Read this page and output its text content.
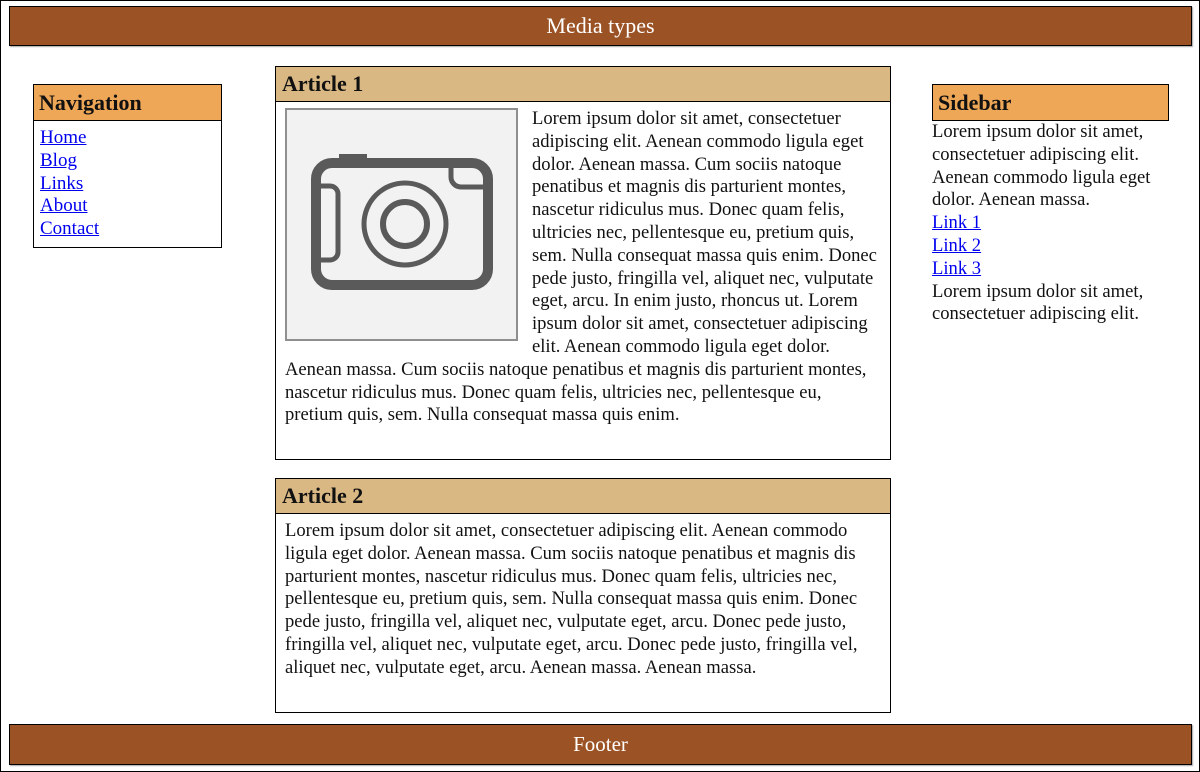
Media types
Navigation
Home
Blog
Links
About
Contact
Article 1
Lorem ipsum dolor sit amet, consectetuer adipiscing elit. Aenean commodo ligula eget dolor. Aenean massa. Cum sociis natoque penatibus et magnis dis parturient montes, nascetur ridiculus mus. Donec quam felis, ultricies nec, pellentesque eu, pretium quis, sem. Nulla consequat massa quis enim. Donec pede justo, fringilla vel, aliquet nec, vulputate eget, arcu. In enim justo, rhoncus ut. Lorem ipsum dolor sit amet, consectetuer adipiscing elit. Aenean commodo ligula eget dolor. Aenean massa. Cum sociis natoque penatibus et magnis dis parturient montes, nascetur ridiculus mus. Donec quam felis, ultricies nec, pellentesque eu, pretium quis, sem. Nulla consequat massa quis enim.
Article 2
Lorem ipsum dolor sit amet, consectetuer adipiscing elit. Aenean commodo ligula eget dolor. Aenean massa. Cum sociis natoque penatibus et magnis dis parturient montes, nascetur ridiculus mus. Donec quam felis, ultricies nec, pellentesque eu, pretium quis, sem. Nulla consequat massa quis enim. Donec pede justo, fringilla vel, aliquet nec, vulputate eget, arcu. Donec pede justo, fringilla vel, aliquet nec, vulputate eget, arcu. Donec pede justo, fringilla vel, aliquet nec, vulputate eget, arcu. Aenean massa. Aenean massa.
Sidebar
Lorem ipsum dolor sit amet, consectetuer adipiscing elit. Aenean commodo ligula eget dolor. Aenean massa.
Link 1
Link 2
Link 3
Lorem ipsum dolor sit amet, consectetuer adipiscing elit.
Footer
